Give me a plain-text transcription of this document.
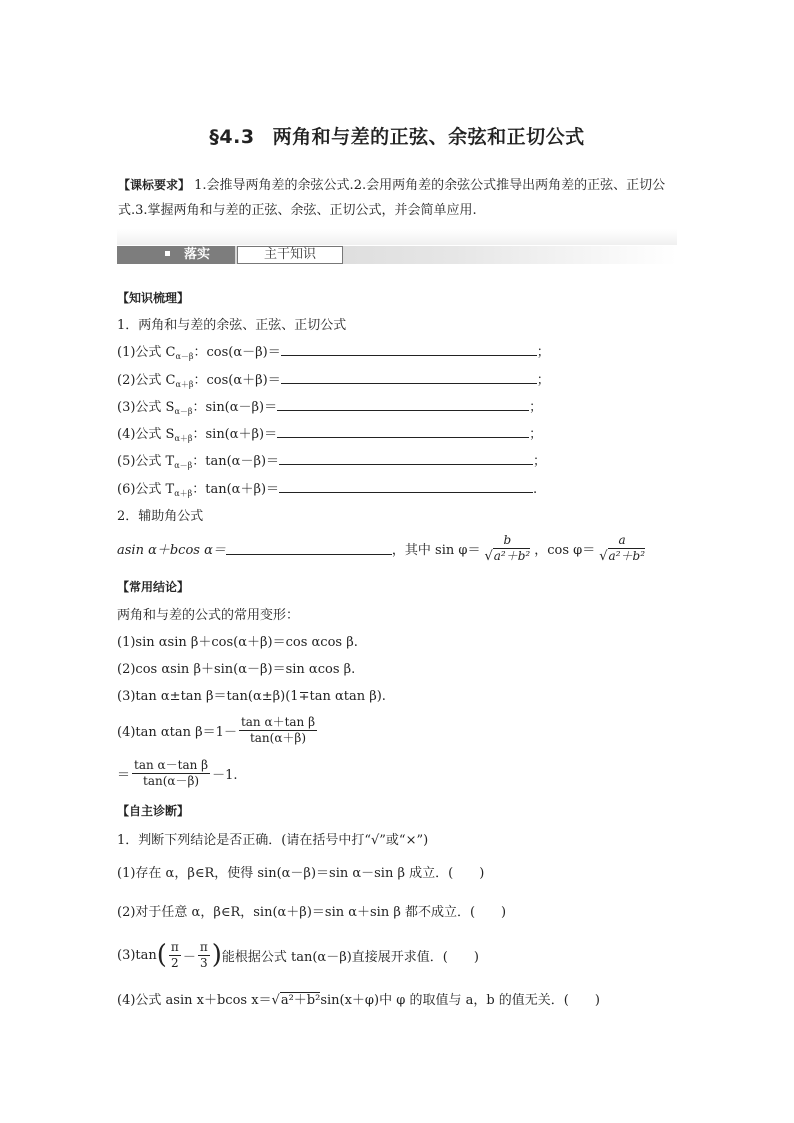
§4.3 两角和与差的正弦、余弦和正切公式
【课标要求】 1.会推导两角差的余弦公式.2.会用两角差的余弦公式推导出两角差的正弦、正切公式.3.掌握两角和与差的正弦、余弦、正切公式，并会简单应用.
落实	主干知识
【知识梳理】
1．两角和与差的余弦、正弦、正切公式
(1)公式 $C_{\alpha-\beta}$：cos(α－β)＝	；
(2)公式 $C_{\alpha+\beta}$：cos(α＋β)＝	；
(3)公式 $S_{\alpha-\beta}$：sin(α－β)＝	；
(4)公式 $S_{\alpha+\beta}$：sin(α＋β)＝	；
(5)公式 $T_{\alpha-\beta}$：tan(α－β)＝	；
(6)公式 $T_{\alpha+\beta}$：tan(α＋β)＝	.
2．辅助角公式
asin α＋bcos α＝	，其中 $\sin \varphi= \frac{b}{\text{√a²＋b²}}$ ，$\cos \varphi= \frac{a}{\text{√a²＋b²}}$
【常用结论】
两角和与差的公式的常用变形：
(1)sin αsin β＋cos(α＋β)＝cos αcos β.
(2)cos αsin β＋sin(α－β)＝sin αcos β.
(3)tan α±tan β＝tan(α±β)(1∓tan αtan β).
(4)tan αtan $\beta=1- \frac{\text{tan α＋tan β}}{\tan(\alpha+\beta)}$
＝ $\frac{\text{tan α－tan β}}{\tan(\alpha-\beta)} -1$.
【自主诊断】
1．判断下列结论是否正确．(请在括号中打“√”或“×”)
(1)存在 α，β∈R，使得 sin(α－β)＝sin α－sin β 成立．(　　)
(2)对于任意 α，β∈R，sin(α＋β)＝sin α＋sin β 都不成立．(　　)
(3)tan ( $\frac{\pi}{2} - \frac{\pi}{3}$ ) 能根据公式 tan(α－β)直接展开求值．(　　)
(4)公式 asin x＋bcos x＝√a²＋b²sin(x＋φ)中 φ 的取值与 a，b 的值无关．(　　)
